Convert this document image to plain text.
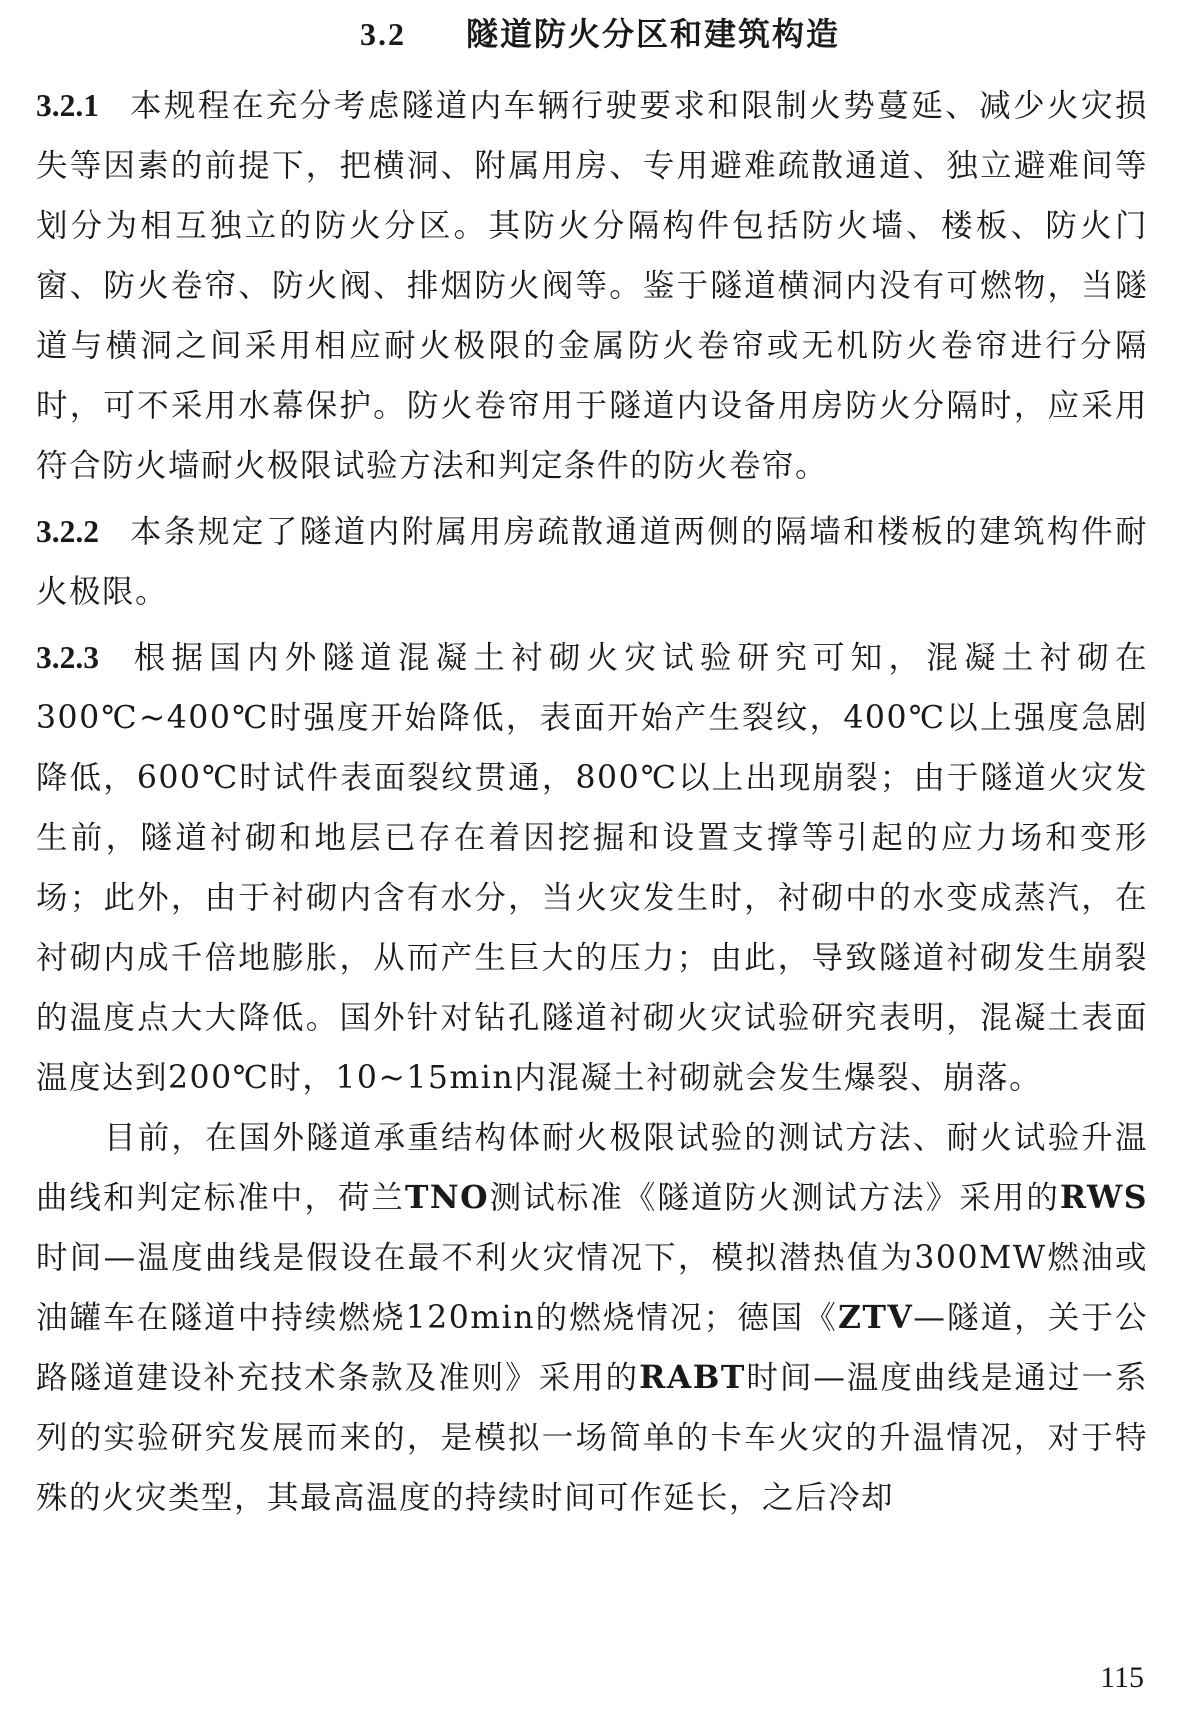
3.2 隧道防火分区和建筑构造

3.2.1 本规程在充分考虑隧道内车辆行驶要求和限制火势蔓延、减少火灾损失等因素的前提下，把横洞、附属用房、专用避难疏散通道、独立避难间等划分为相互独立的防火分区。其防火分隔构件包括防火墙、楼板、防火门窗、防火卷帘、防火阀、排烟防火阀等。鉴于隧道横洞内没有可燃物，当隧道与横洞之间采用相应耐火极限的金属防火卷帘或无机防火卷帘进行分隔时，可不采用水幕保护。防火卷帘用于隧道内设备用房防火分隔时，应采用符合防火墙耐火极限试验方法和判定条件的防火卷帘。

3.2.2 本条规定了隧道内附属用房疏散通道两侧的隔墙和楼板的建筑构件耐火极限。

3.2.3 根据国内外隧道混凝土衬砌火灾试验研究可知，混凝土衬砌在300℃~400℃时强度开始降低，表面开始产生裂纹，400℃以上强度急剧降低，600℃时试件表面裂纹贯通，800℃以上出现崩裂；由于隧道火灾发生前，隧道衬砌和地层已存在着因挖掘和设置支撑等引起的应力场和变形场；此外，由于衬砌内含有水分，当火灾发生时，衬砌中的水变成蒸汽，在衬砌内成千倍地膨胀，从而产生巨大的压力；由此，导致隧道衬砌发生崩裂的温度点大大降低。国外针对钻孔隧道衬砌火灾试验研究表明，混凝土表面温度达到200℃时，10~15min内混凝土衬砌就会发生爆裂、崩落。

目前，在国外隧道承重结构体耐火极限试验的测试方法、耐火试验升温曲线和判定标准中，荷兰TNO测试标准《隧道防火测试方法》采用的RWS时间—温度曲线是假设在最不利火灾情况下，模拟潜热值为300MW燃油或油罐车在隧道中持续燃烧120min的燃烧情况；德国《ZTV—隧道，关于公路隧道建设补充技术条款及准则》采用的RABT时间—温度曲线是通过一系列的实验研究发展而来的，是模拟一场简单的卡车火灾的升温情况，对于特殊的火灾类型，其最高温度的持续时间可作延长，之后冷却

115
